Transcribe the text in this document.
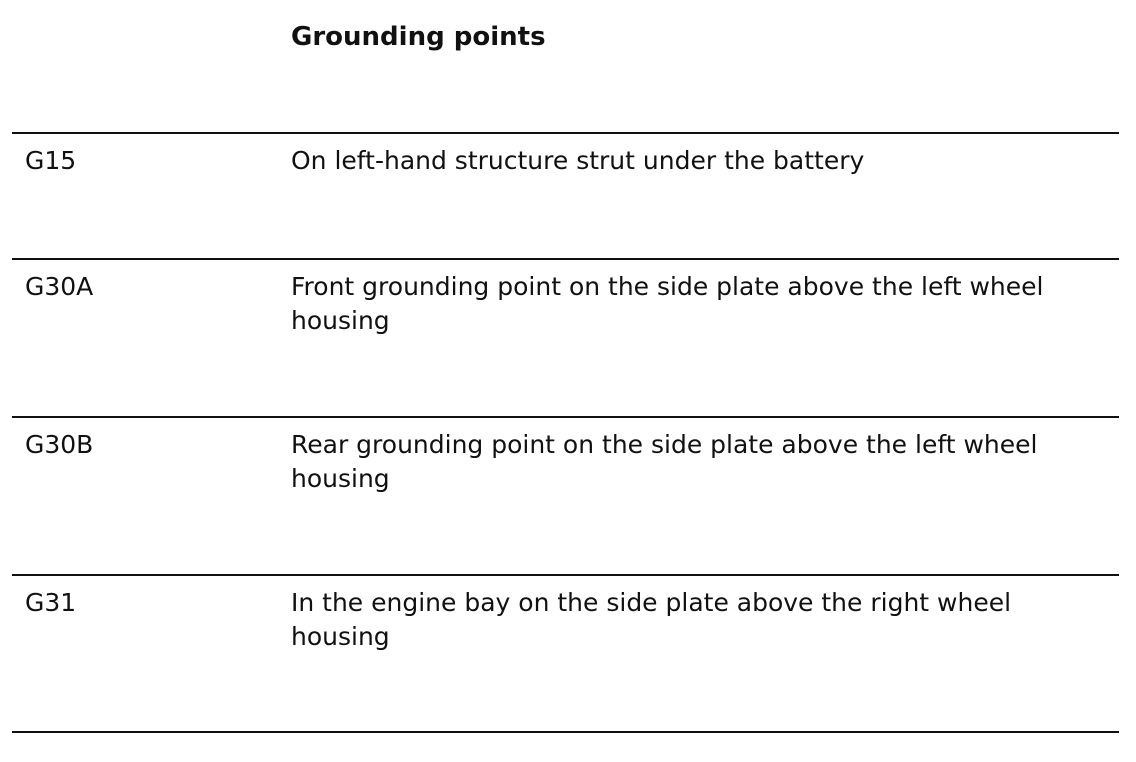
Grounding points
G15	On left-hand structure strut under the battery
G30A	Front grounding point on the side plate above the left wheel housing
G30B	Rear grounding point on the side plate above the left wheel housing
G31	In the engine bay on the side plate above the right wheel housing
